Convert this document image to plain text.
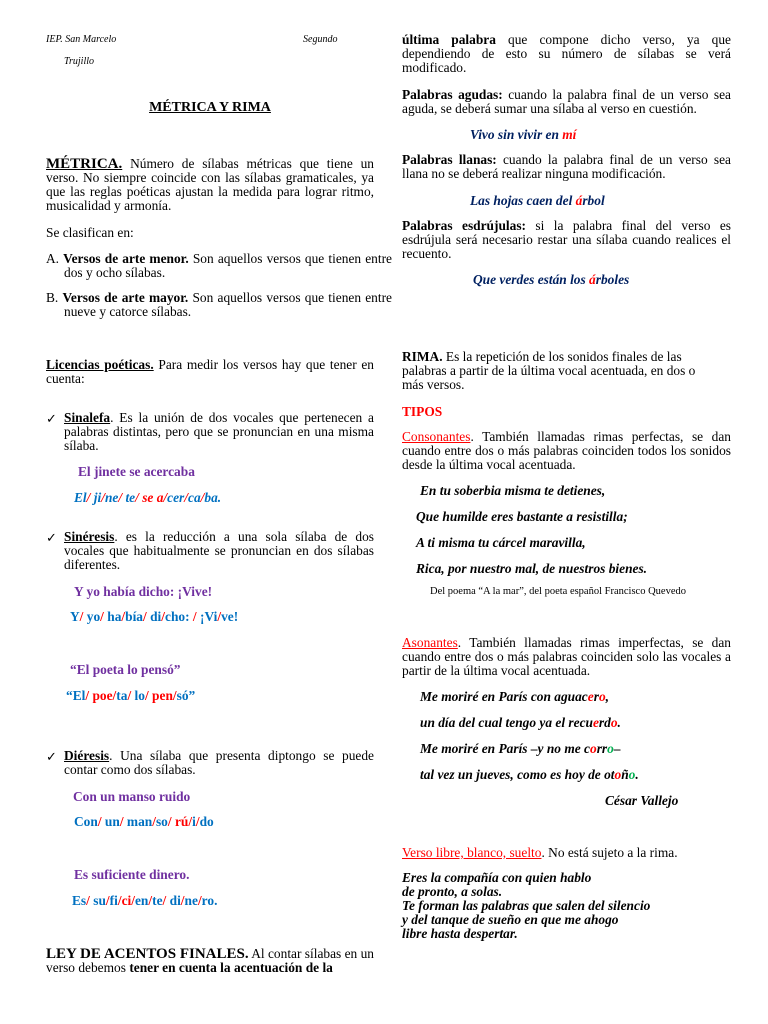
IEP. San Marcelo	Segundo
Trujillo
MÉTRICA Y RIMA
MÉTRICA. Número de sílabas métricas que tiene un verso. No siempre coincide con las sílabas gramaticales, ya que las reglas poéticas ajustan la medida para lograr ritmo, musicalidad y armonía.
Se clasifican en:
A. Versos de arte menor. Son aquellos versos que tienen entre dos y ocho sílabas.
B. Versos de arte mayor. Son aquellos versos que tienen entre nueve y catorce sílabas.
Licencias poéticas. Para medir los versos hay que tener en cuenta:
✓ Sinalefa. Es la unión de dos vocales que pertenecen a palabras distintas, pero que se pronuncian en una misma sílaba.
El jinete se acercaba
El/ ji/ne/ te/ se a/cer/ca/ba.
✓ Sinéresis. es la reducción a una sola sílaba de dos vocales que habitualmente se pronuncian en dos sílabas diferentes.
Y yo había dicho: ¡Vive!
Y/ yo/ ha/bía/ di/cho: / ¡Vi/ve!
“El poeta lo pensó”
“El/ poe/ta/ lo/ pen/só”
✓ Diéresis. Una sílaba que presenta diptongo se puede contar como dos sílabas.
Con un manso ruido
Con/ un/ man/so/ rú/i/do
Es suficiente dinero.
Es/ su/fi/ci/en/te/ di/ne/ro.
LEY DE ACENTOS FINALES. Al contar sílabas en un verso debemos tener en cuenta la acentuación de la
última palabra que compone dicho verso, ya que dependiendo de esto su número de sílabas se verá modificado.
Palabras agudas: cuando la palabra final de un verso sea aguda, se deberá sumar una sílaba al verso en cuestión.
Vivo sin vivir en mí
Palabras llanas: cuando la palabra final de un verso sea llana no se deberá realizar ninguna modificación.
Las hojas caen del árbol
Palabras esdrújulas: si la palabra final del verso es esdrújula será necesario restar una sílaba cuando realices el recuento.
Que verdes están los árboles
RIMA. Es la repetición de los sonidos finales de las palabras a partir de la última vocal acentuada, en dos o más versos.
TIPOS
Consonantes. También llamadas rimas perfectas, se dan cuando entre dos o más palabras coinciden todos los sonidos desde la última vocal acentuada.
En tu soberbia misma te detienes,
Que humilde eres bastante a resistilla;
A ti misma tu cárcel maravilla,
Rica, por nuestro mal, de nuestros bienes.
Del poema “A la mar”, del poeta español Francisco Quevedo
Asonantes. También llamadas rimas imperfectas, se dan cuando entre dos o más palabras coinciden solo las vocales a partir de la última vocal acentuada.
Me moriré en París con aguacero,
un día del cual tengo ya el recuerdo.
Me moriré en París –y no me corro–
tal vez un jueves, como es hoy de otoño.
César Vallejo
Verso libre, blanco, suelto. No está sujeto a la rima.
Eres la compañía con quien hablo
de pronto, a solas.
Te forman las palabras que salen del silencio
y del tanque de sueño en que me ahogo
libre hasta despertar.
